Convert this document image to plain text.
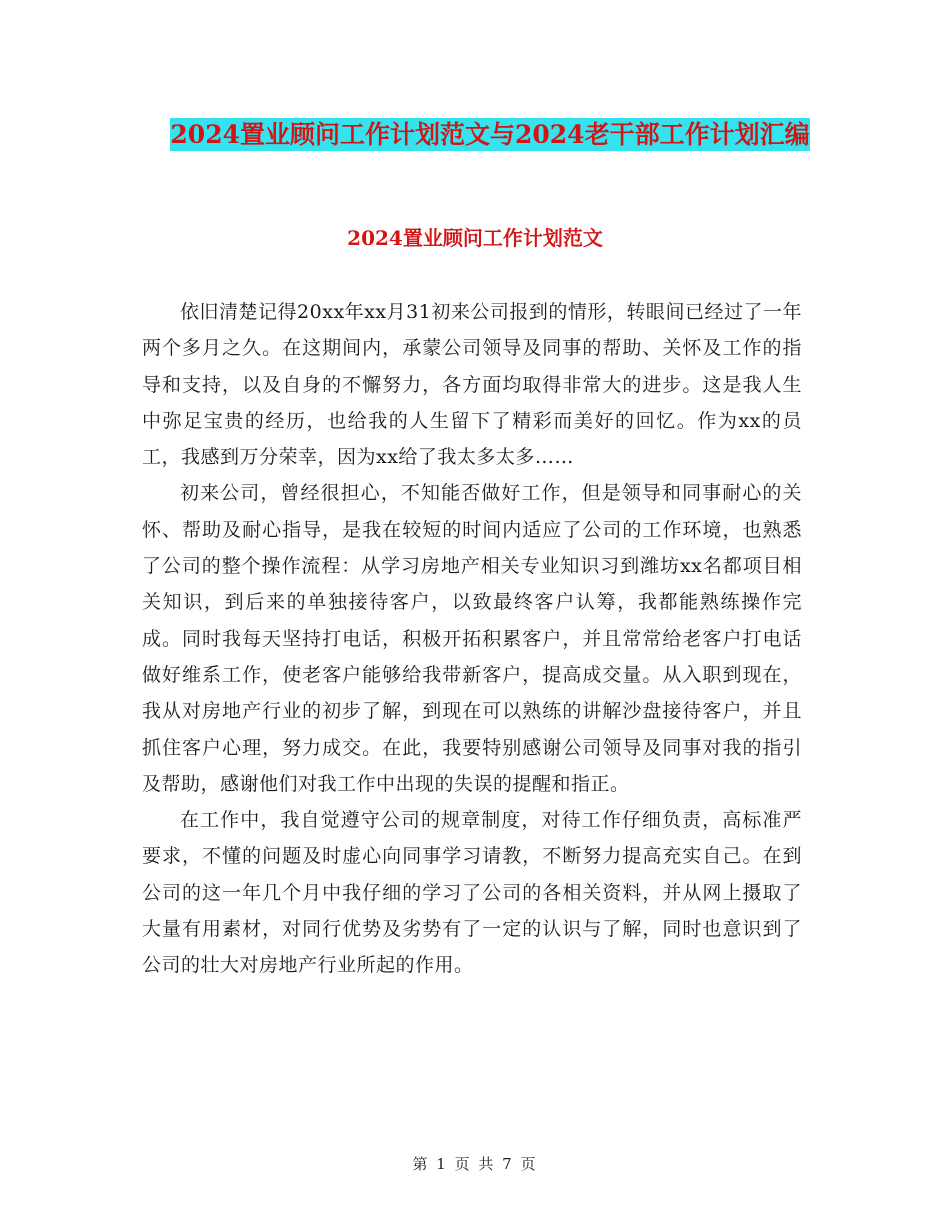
2024置业顾问工作计划范文与2024老干部工作计划汇编
2024置业顾问工作计划范文

依旧清楚记得20xx年xx月31初来公司报到的情形，转眼间已经过了一年两个多月之久。在这期间内，承蒙公司领导及同事的帮助、关怀及工作的指导和支持，以及自身的不懈努力，各方面均取得非常大的进步。这是我人生中弥足宝贵的经历，也给我的人生留下了精彩而美好的回忆。作为xx的员工，我感到万分荣幸，因为xx给了我太多太多……

初来公司，曾经很担心，不知能否做好工作，但是领导和同事耐心的关怀、帮助及耐心指导，是我在较短的时间内适应了公司的工作环境，也熟悉了公司的整个操作流程：从学习房地产相关专业知识习到潍坊xx名都项目相关知识，到后来的单独接待客户，以致最终客户认筹，我都能熟练操作完成。同时我每天坚持打电话，积极开拓积累客户，并且常常给老客户打电话做好维系工作，使老客户能够给我带新客户，提高成交量。从入职到现在，我从对房地产行业的初步了解，到现在可以熟练的讲解沙盘接待客户，并且抓住客户心理，努力成交。在此，我要特别感谢公司领导及同事对我的指引及帮助，感谢他们对我工作中出现的失误的提醒和指正。

在工作中，我自觉遵守公司的规章制度，对待工作仔细负责，高标准严要求，不懂的问题及时虚心向同事学习请教，不断努力提高充实自己。在到公司的这一年几个月中我仔细的学习了公司的各相关资料，并从网上摄取了大量有用素材，对同行优势及劣势有了一定的认识与了解，同时也意识到了公司的壮大对房地产行业所起的作用。

第 1 页 共 7 页
